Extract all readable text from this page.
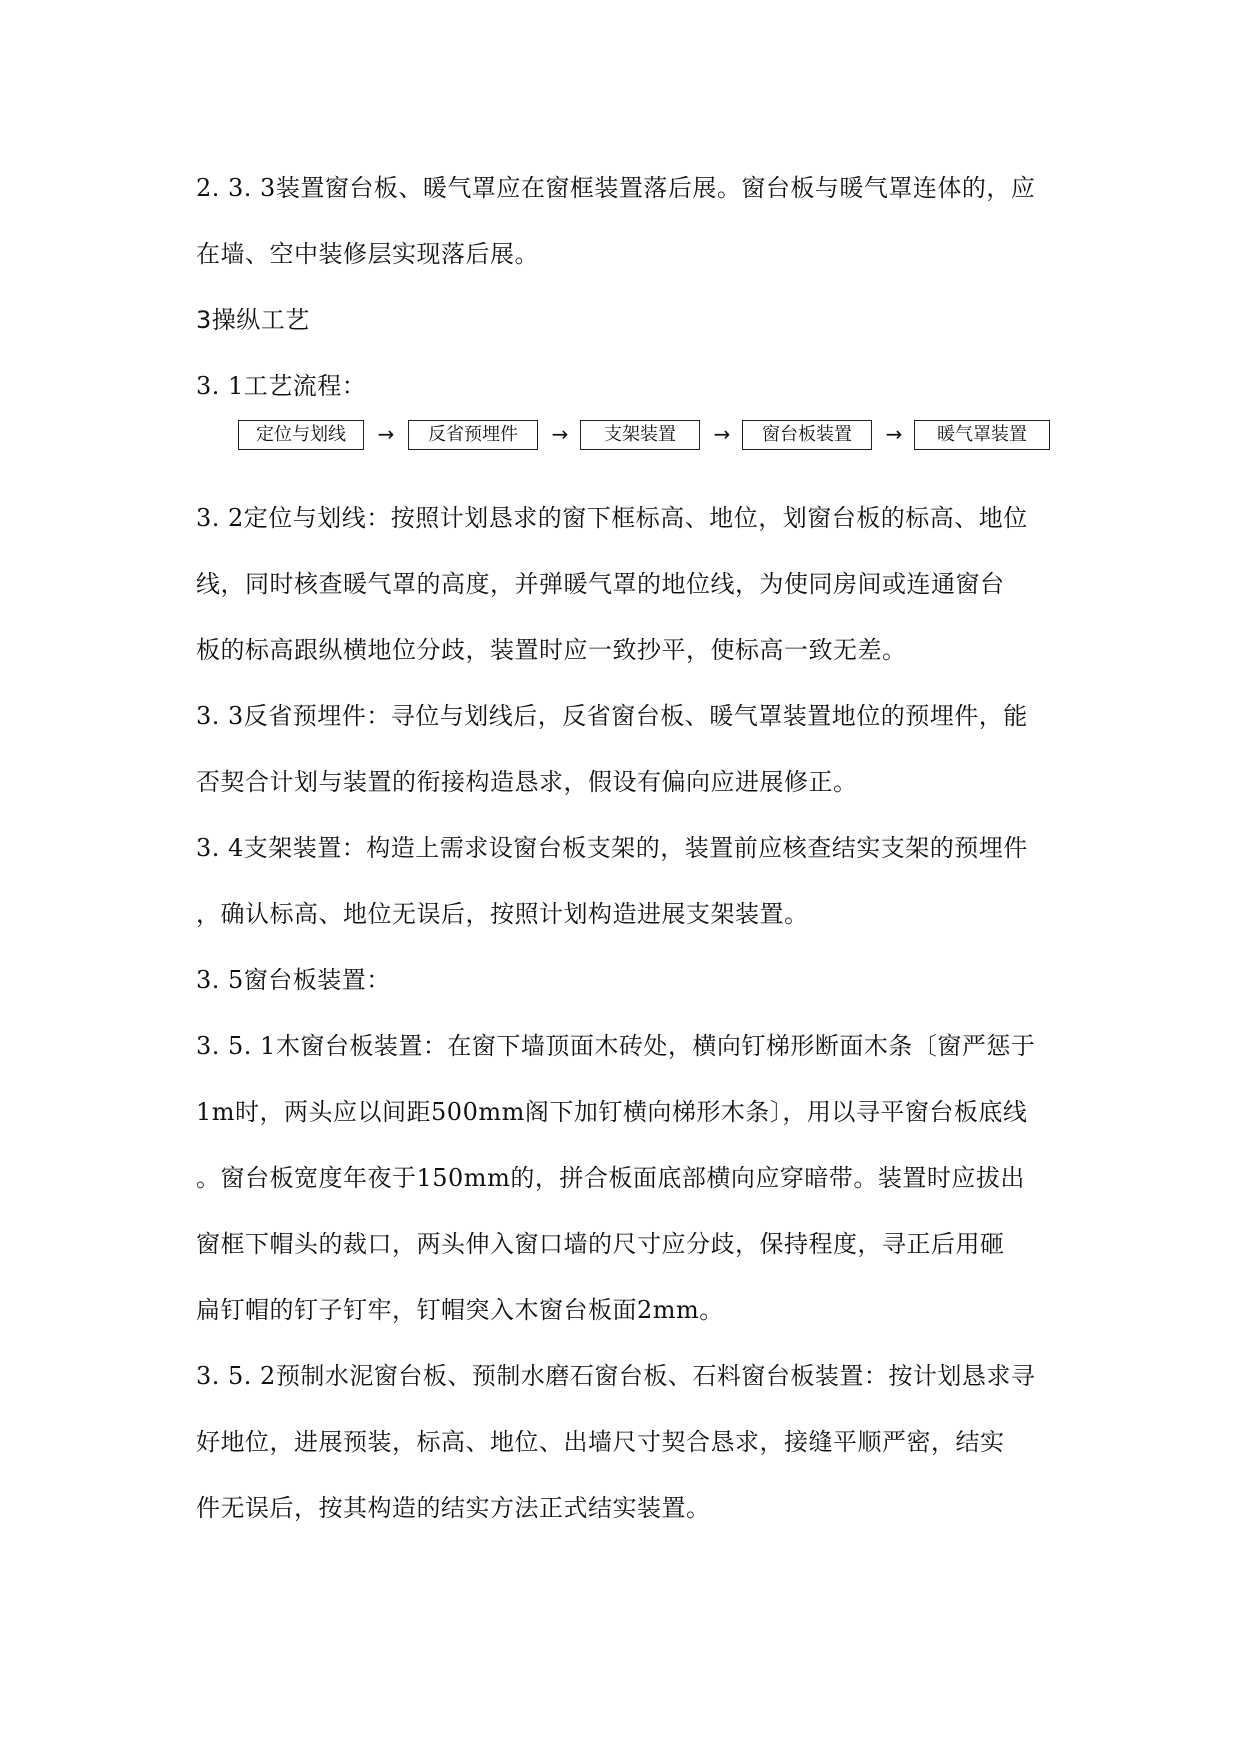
2. 3. 3装置窗台板、暖气罩应在窗框装置落后展。窗台板与暖气罩连体的，应
在墙、空中装修层实现落后展。
3操纵工艺
3. 1工艺流程：
定位与划线	→	反省预埋件	→	支架装置	→	窗台板装置	→	暖气罩装置
3. 2定位与划线：按照计划恳求的窗下框标高、地位，划窗台板的标高、地位
线，同时核查暖气罩的高度，并弹暖气罩的地位线，为使同房间或连通窗台
板的标高跟纵横地位分歧，装置时应一致抄平，使标高一致无差。
3. 3反省预埋件：寻位与划线后，反省窗台板、暖气罩装置地位的预埋件，能
否契合计划与装置的衔接构造恳求，假设有偏向应进展修正。
3. 4支架装置：构造上需求设窗台板支架的，装置前应核查结实支架的预埋件
，确认标高、地位无误后，按照计划构造进展支架装置。
3. 5窗台板装置：
3. 5. 1木窗台板装置：在窗下墙顶面木砖处，横向钉梯形断面木条〔窗严惩于
1m时，两头应以间距500mm阁下加钉横向梯形木条〕，用以寻平窗台板底线
。窗台板宽度年夜于150mm的，拼合板面底部横向应穿暗带。装置时应拔出
窗框下帽头的裁口，两头伸入窗口墙的尺寸应分歧，保持程度，寻正后用砸
扁钉帽的钉子钉牢，钉帽突入木窗台板面2mm。
3. 5. 2预制水泥窗台板、预制水磨石窗台板、石料窗台板装置：按计划恳求寻
好地位，进展预装，标高、地位、出墙尺寸契合恳求，接缝平顺严密，结实
件无误后，按其构造的结实方法正式结实装置。
